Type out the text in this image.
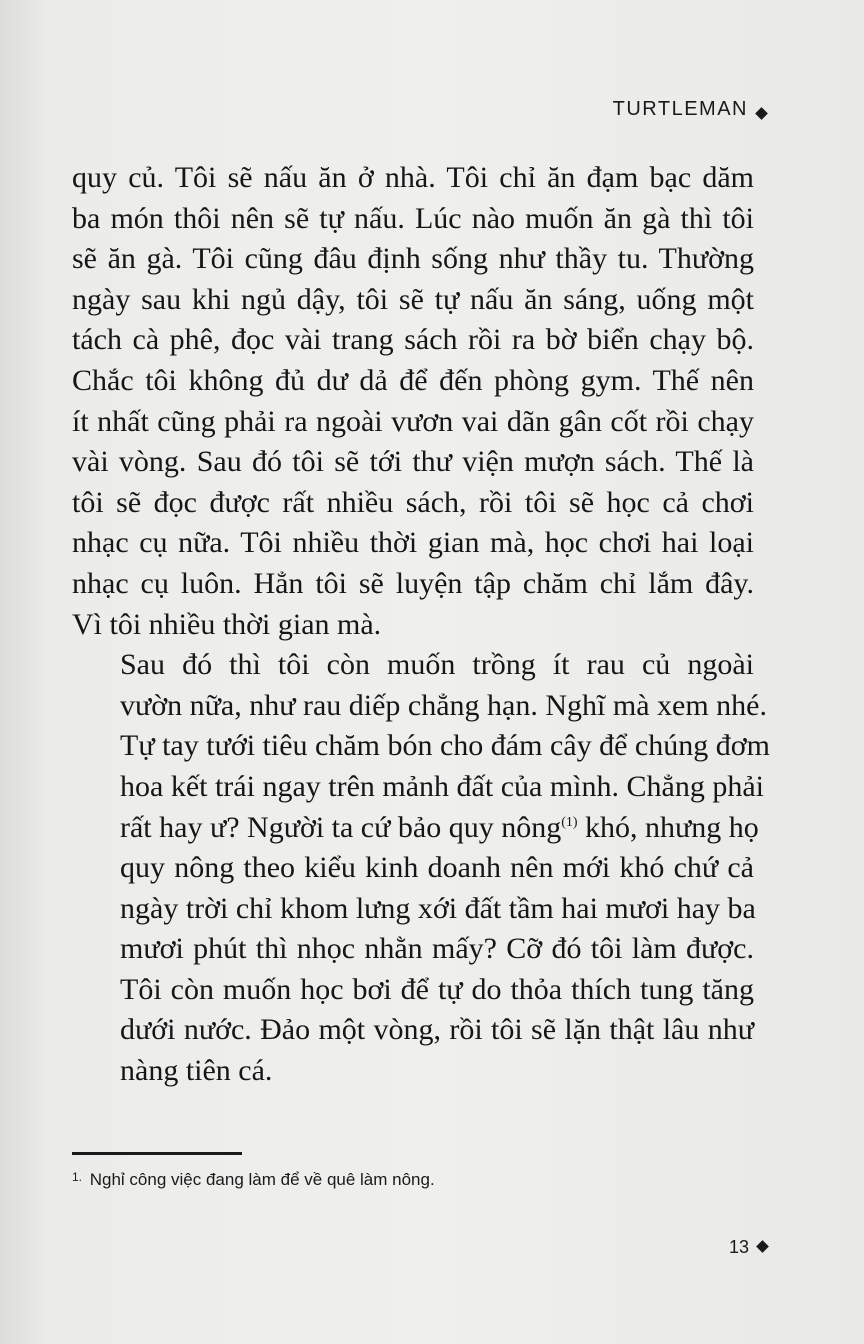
TURTLEMAN

quy củ. Tôi sẽ nấu ăn ở nhà. Tôi chỉ ăn đạm bạc dăm
ba món thôi nên sẽ tự nấu. Lúc nào muốn ăn gà thì tôi
sẽ ăn gà. Tôi cũng đâu định sống như thầy tu. Thường
ngày sau khi ngủ dậy, tôi sẽ tự nấu ăn sáng, uống một
tách cà phê, đọc vài trang sách rồi ra bờ biển chạy bộ.
Chắc tôi không đủ dư dả để đến phòng gym. Thế nên
ít nhất cũng phải ra ngoài vươn vai dãn gân cốt rồi chạy
vài vòng. Sau đó tôi sẽ tới thư viện mượn sách. Thế là
tôi sẽ đọc được rất nhiều sách, rồi tôi sẽ học cả chơi
nhạc cụ nữa. Tôi nhiều thời gian mà, học chơi hai loại
nhạc cụ luôn. Hẳn tôi sẽ luyện tập chăm chỉ lắm đây.
Vì tôi nhiều thời gian mà.

Sau đó thì tôi còn muốn trồng ít rau củ ngoài
vườn nữa, như rau diếp chẳng hạn. Nghĩ mà xem nhé.
Tự tay tưới tiêu chăm bón cho đám cây để chúng đơm
hoa kết trái ngay trên mảnh đất của mình. Chẳng phải
rất hay ư? Người ta cứ bảo quy nông$^{(1)}$ khó, nhưng họ
quy nông theo kiểu kinh doanh nên mới khó chứ cả
ngày trời chỉ khom lưng xới đất tầm hai mươi hay ba
mươi phút thì nhọc nhằn mấy? Cỡ đó tôi làm được.
Tôi còn muốn học bơi để tự do thỏa thích tung tăng
dưới nước. Đảo một vòng, rồi tôi sẽ lặn thật lâu như
nàng tiên cá.

$^{1.}$ Nghỉ công việc đang làm để về quê làm nông.
13
